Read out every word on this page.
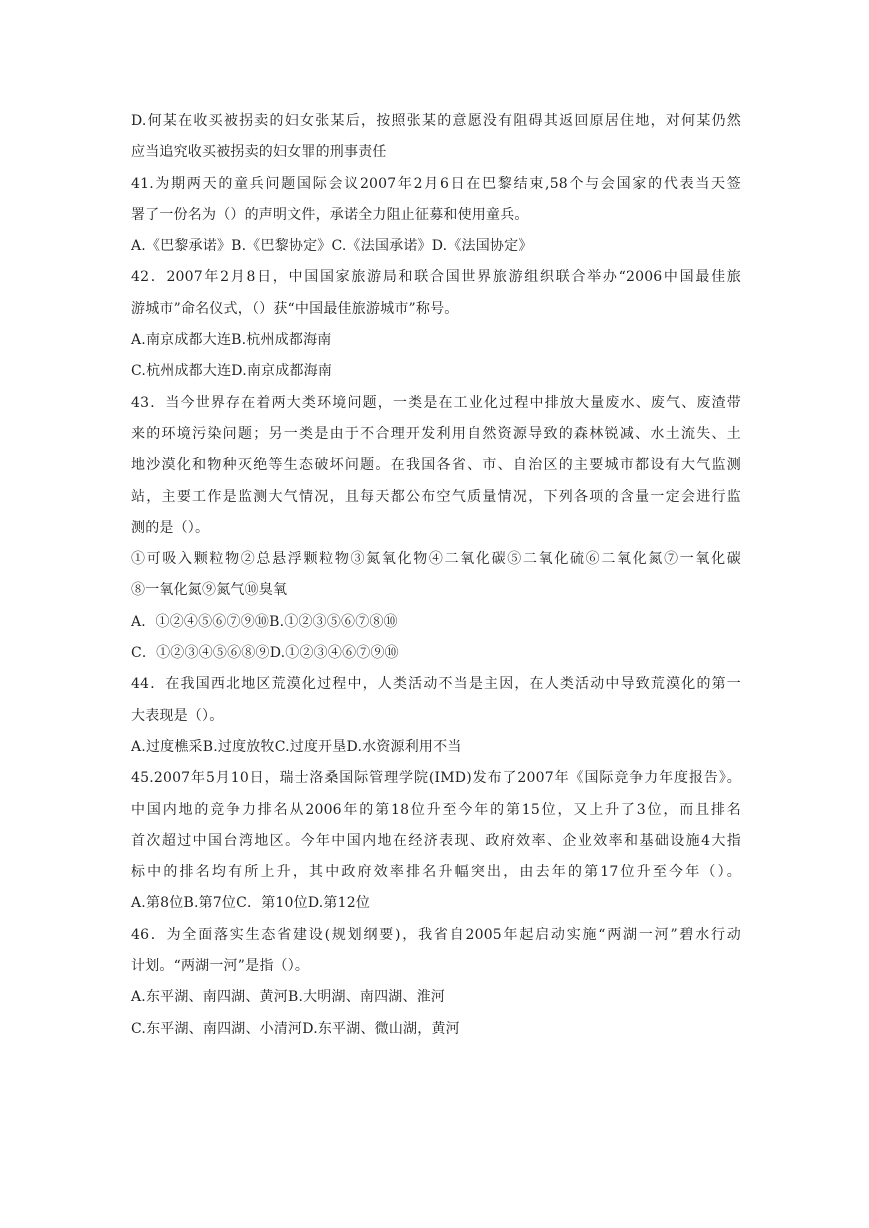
D.何某在收买被拐卖的妇女张某后，按照张某的意愿没有阻碍其返回原居住地，对何某仍然
应当追究收买被拐卖的妇女罪的刑事责任
41.为期两天的童兵问题国际会议2007年2月6日在巴黎结束,58个与会国家的代表当天签
署了一份名为（）的声明文件，承诺全力阻止征募和使用童兵。
A.《巴黎承诺》B.《巴黎协定》C.《法国承诺》D.《法国协定》
42．2007年2月8日，中国国家旅游局和联合国世界旅游组织联合举办“2006中国最佳旅
游城市”命名仪式，（）获“中国最佳旅游城市”称号。
A.南京成都大连B.杭州成都海南
C.杭州成都大连D.南京成都海南
43．当今世界存在着两大类环境问题，一类是在工业化过程中排放大量废水、废气、废渣带
来的环境污染问题；另一类是由于不合理开发利用自然资源导致的森林锐减、水土流失、土
地沙漠化和物种灭绝等生态破坏问题。在我国各省、市、自治区的主要城市都设有大气监测
站，主要工作是监测大气情况，且每天都公布空气质量情况，下列各项的含量一定会进行监
测的是（）。
①可吸入颗粒物②总悬浮颗粒物③氮氧化物④二氧化碳⑤二氧化硫⑥二氧化氮⑦一氧化碳
⑧一氧化氮⑨氮气⑩臭氧
A．①②④⑤⑥⑦⑨⑩B.①②③⑤⑥⑦⑧⑩
C．①②③④⑤⑥⑧⑨D.①②③④⑥⑦⑨⑩
44．在我国西北地区荒漠化过程中，人类活动不当是主因，在人类活动中导致荒漠化的第一
大表现是（）。
A.过度樵采B.过度放牧C.过度开垦D.水资源利用不当
45.2007年5月10日，瑞士洛桑国际管理学院(IMD)发布了2007年《国际竞争力年度报告》。
中国内地的竞争力排名从2006年的第18位升至今年的第15位，又上升了3位，而且排名
首次超过中国台湾地区。今年中国内地在经济表现、政府效率、企业效率和基础设施4大指
标中的排名均有所上升，其中政府效率排名升幅突出，由去年的第17位升至今年（）。
A.第8位B.第7位C．第10位D.第12位
46．为全面落实生态省建设(规划纲要)，我省自2005年起启动实施“两湖一河”碧水行动
计划。“两湖一河”是指（）。
A.东平湖、南四湖、黄河B.大明湖、南四湖、淮河
C.东平湖、南四湖、小清河D.东平湖、微山湖，黄河
